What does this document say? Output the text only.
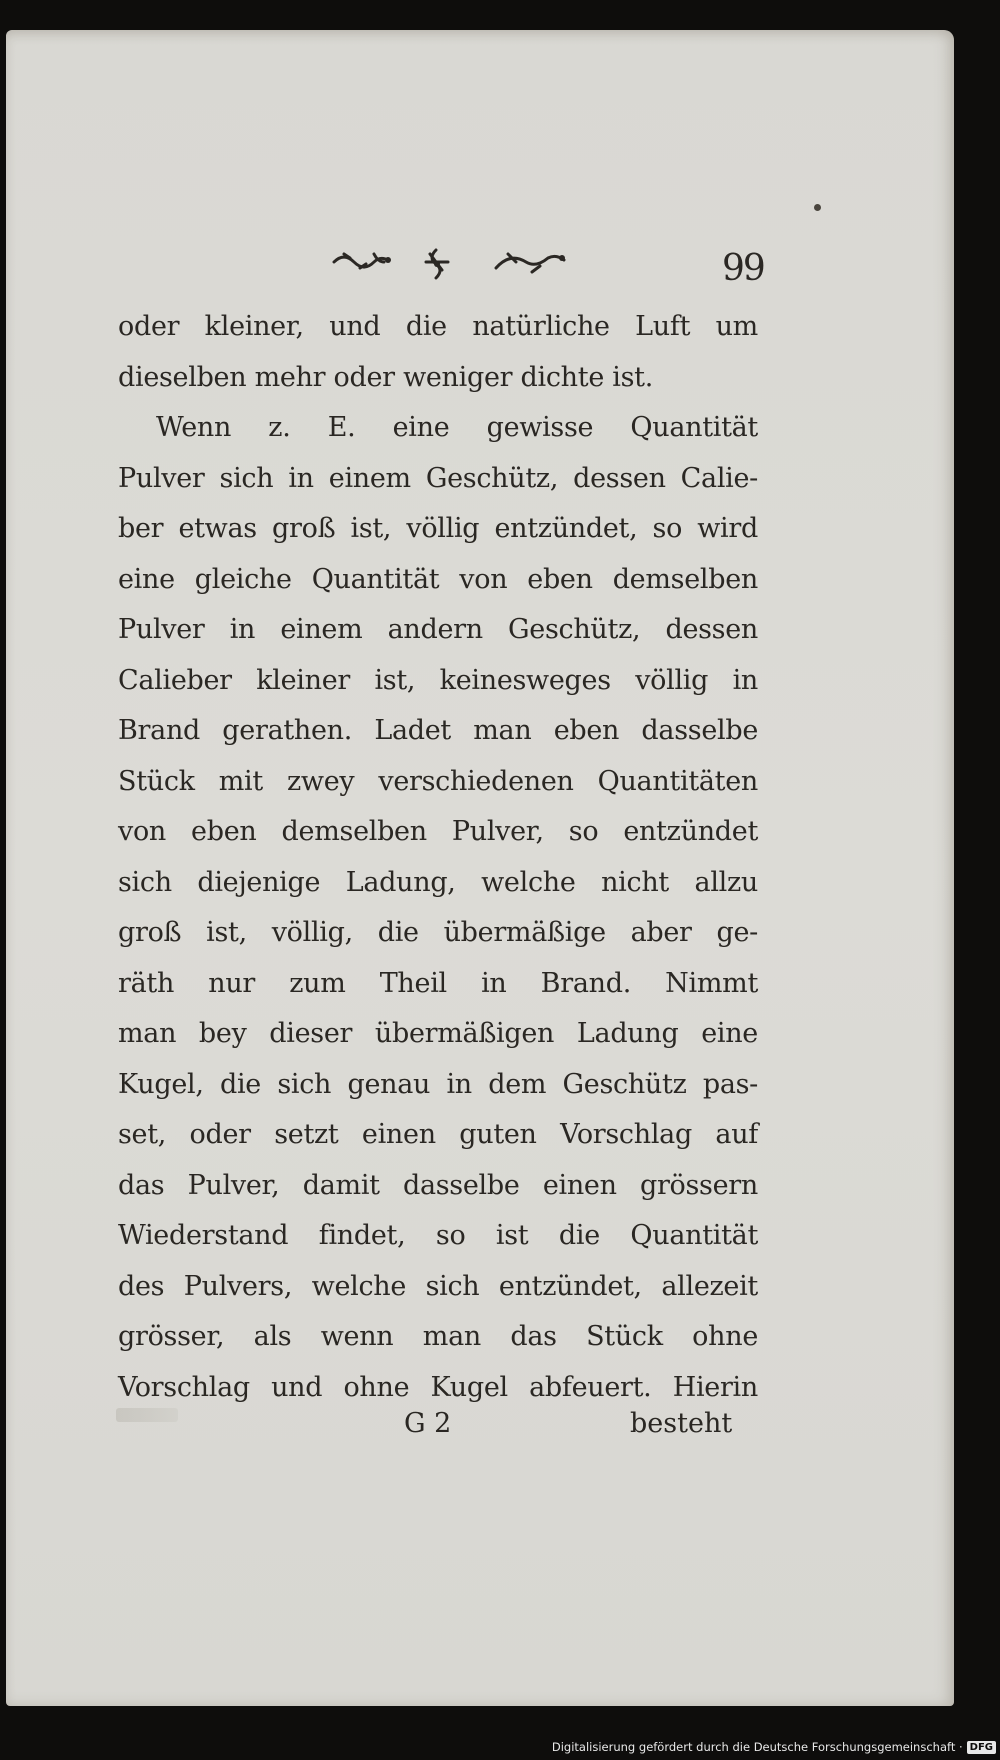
99

oder kleiner, und die natürliche Luft um
dieselben mehr oder weniger dichte ist.
Wenn z. E. eine gewisse Quantität
Pulver sich in einem Geschütz, dessen Calie-
ber etwas groß ist, völlig entzündet, so wird
eine gleiche Quantität von eben demselben
Pulver in einem andern Geschütz, dessen
Calieber kleiner ist, keinesweges völlig in
Brand gerathen. Ladet man eben dasselbe
Stück mit zwey verschiedenen Quantitäten
von eben demselben Pulver, so entzündet
sich diejenige Ladung, welche nicht allzu
groß ist, völlig, die übermäßige aber ge-
räth nur zum Theil in Brand. Nimmt
man bey dieser übermäßigen Ladung eine
Kugel, die sich genau in dem Geschütz pas-
set, oder setzt einen guten Vorschlag auf
das Pulver, damit dasselbe einen grössern
Wiederstand findet, so ist die Quantität
des Pulvers, welche sich entzündet, allezeit
grösser, als wenn man das Stück ohne
Vorschlag und ohne Kugel abfeuert. Hierin

G 2	besteht
Digitalisierung gefördert durch die Deutsche Forschungsgemeinschaft · DFG
